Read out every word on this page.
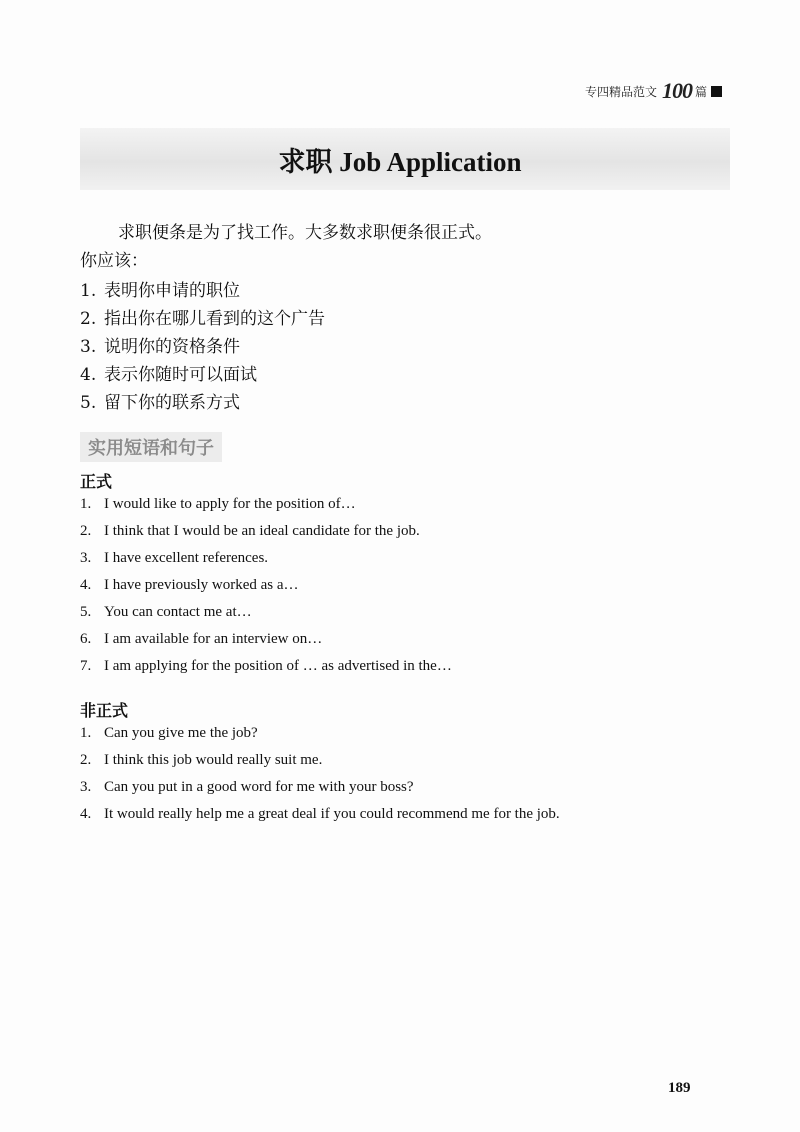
专四精品范文 100 篇
求职 Job Application

求职便条是为了找工作。大多数求职便条很正式。

你应该：

1. 表明你申请的职位
2. 指出你在哪儿看到的这个广告
3. 说明你的资格条件
4. 表示你随时可以面试
5. 留下你的联系方式
实用短语和句子
正式
1. I would like to apply for the position of…
2. I think that I would be an ideal candidate for the job.
3. I have excellent references.
4. I have previously worked as a…
5. You can contact me at…
6. I am available for an interview on…
7. I am applying for the position of … as advertised in the…
非正式
1. Can you give me the job?
2. I think this job would really suit me.
3. Can you put in a good word for me with your boss?
4. It would really help me a great deal if you could recommend me for the job.

189
